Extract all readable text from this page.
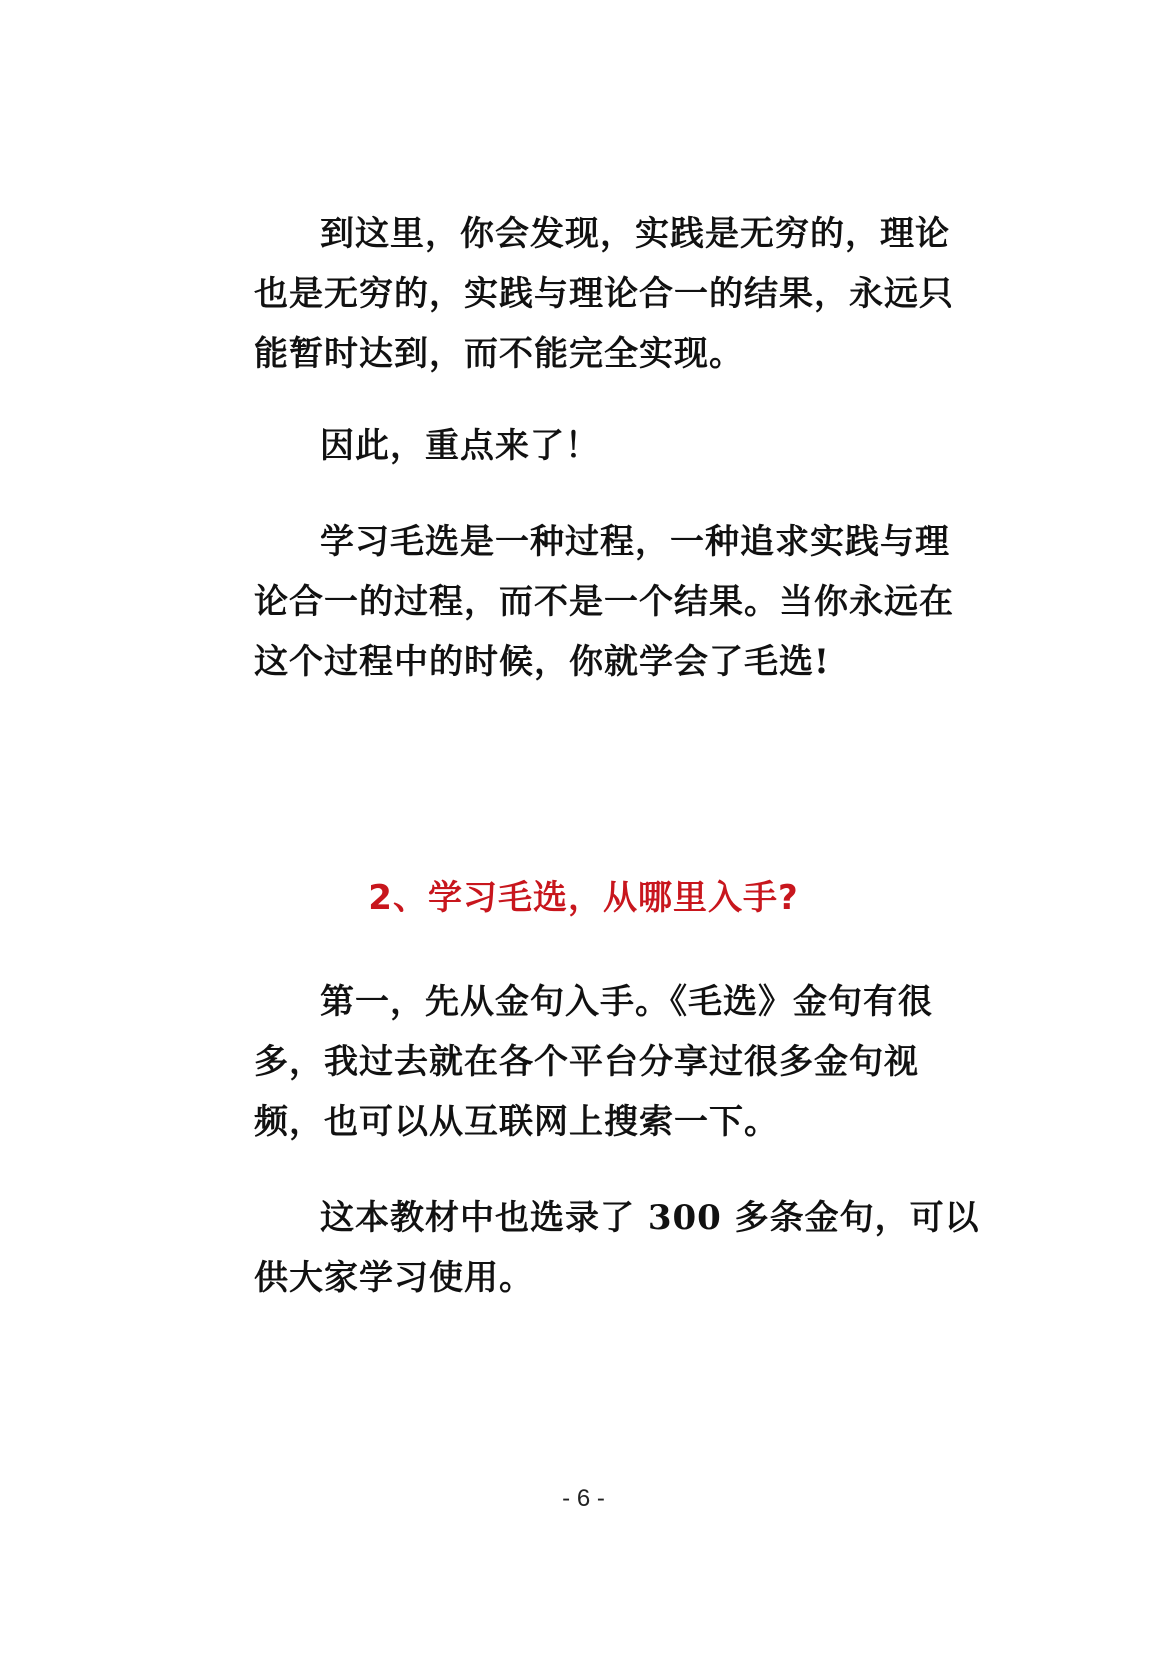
到这里，你会发现，实践是无穷的，理论
也是无穷的，实践与理论合一的结果，永远只
能暂时达到，而不能完全实现。
因此，重点来了！
学习毛选是一种过程，一种追求实践与理
论合一的过程，而不是一个结果。当你永远在
这个过程中的时候，你就学会了毛选!
2、学习毛选，从哪里入手?
第一，先从金句入手。《毛选》金句有很
多，我过去就在各个平台分享过很多金句视
频，也可以从互联网上搜索一下。
这本教材中也选录了 300 多条金句，可以
供大家学习使用。
- 6 -
